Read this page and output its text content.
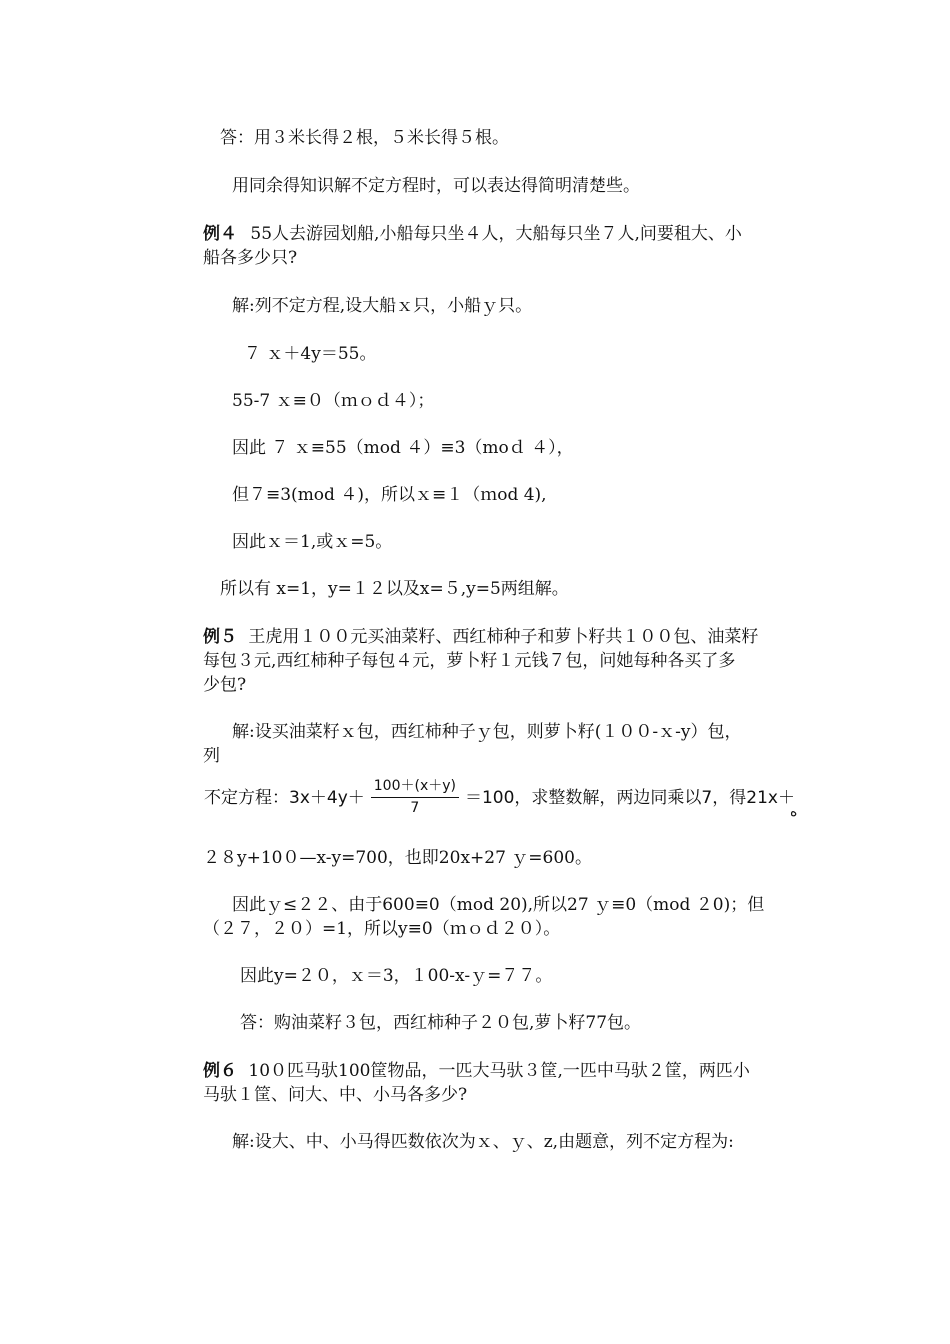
答：用３米长得２根，５米长得５根。
用同余得知识解不定方程时，可以表达得简明清楚些。
例４ 55人去游园划船,小船每只坐４人，大船每只坐７人,问要租大、小
船各多少只?
解:列不定方程,设大船ｘ只，小船ｙ只。
７ ｘ＋4y＝55。
55-7 ｘ≡０（ｍｏｄ４）；
因此 ７ ｘ≡55（mod ４）≡3（moｄ ４），
但７≡3(mod ４)，所以ｘ≡１（ｍod 4),
因此ｘ＝1,或ｘ=5。
所以有 x=1，y=１２以及x=５,y=5两组解。
例５ 王虎用１００元买油菜籽、西红柿种子和萝卜籽共１００包、油菜籽
每包３元,西红柿种子每包４元，萝卜籽１元钱７包，问她每种各买了多
少包?
解:设买油菜籽ｘ包，西红柿种子ｙ包，则萝卜籽(１００-ｘ-y）包，
列
不定方程：$3x+4y+ \frac{100+(x+y)}{7} =100$，求整数解，两边同乘以7，得21x＋
ه
２８y+10０—x-y=700，也即20x+27 ｙ=600。
因此ｙ≤２２、由于600≡0（mod 20),所以27 ｙ≡0（mod ２0)；但
（２７，２０）=1，所以y≡0（ｍｏｄ２０）。
因此y=２０，ｘ＝3，１00-x-ｙ=７７。
答：购油菜籽３包，西红柿种子２０包,萝卜籽77包。
例６ 10０匹马驮100筐物品，一匹大马驮３筐,一匹中马驮２筐，两匹小
马驮１筐、问大、中、小马各多少?
解:设大、中、小马得匹数依次为ｘ、ｙ、z,由题意，列不定方程为:
